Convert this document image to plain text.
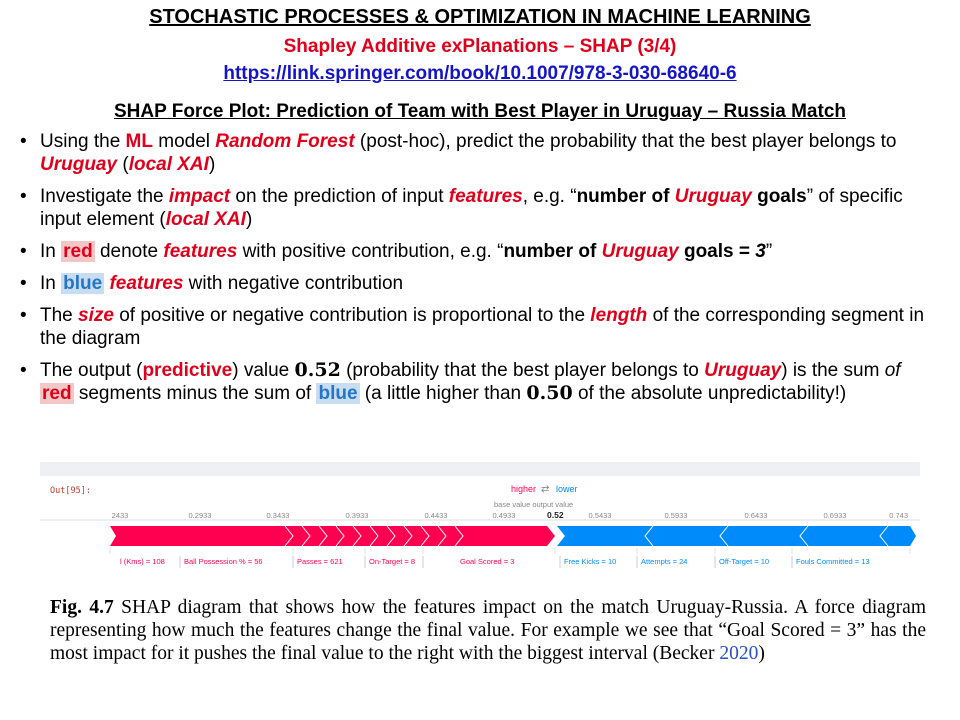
STOCHASTIC PROCESSES & OPTIMIZATION IN MACHINE LEARNING
Shapley Additive exPlanations – SHAP (3/4)
https://link.springer.com/book/10.1007/978-3-030-68640-6
SHAP Force Plot: Prediction of Team with Best Player in Uruguay – Russia Match
• Using the ML model Random Forest (post-hoc), predict the probability that the best player belongs to Uruguay (local XAI)
• Investigate the impact on the prediction of input features, e.g. “number of Uruguay goals” of specific input element (local XAI)
• In red denote features with positive contribution, e.g. “number of Uruguay goals = 3”
• In blue features with negative contribution
• The size of positive or negative contribution is proportional to the length of the corresponding segment in the diagram
• The output (predictive) value 0.52 (probability that the best player belongs to Uruguay) is the sum of red segments minus the sum of blue (a little higher than 0.50 of the absolute unpredictability!)
Out[95]:	higher ⇄ lower
base value output value
2433	0.2933	0.3433	0.3933	0.4433	0.4933	0.5433	0.5933	0.6433	0.6933	0.743
0.52
l (Kms) = 108	Ball Possession % = 56	Passes = 621	On-Target = 8	Goal Scored = 3	Free Kicks = 10	Attempts = 24	Off-Target = 10	Fouls Committed = 13
Fig. 4.7 SHAP diagram that shows how the features impact on the match Uruguay-Russia. A force diagram representing how much the features change the final value. For example we see that “Goal Scored = 3” has the most impact for it pushes the final value to the right with the biggest interval (Becker 2020)
